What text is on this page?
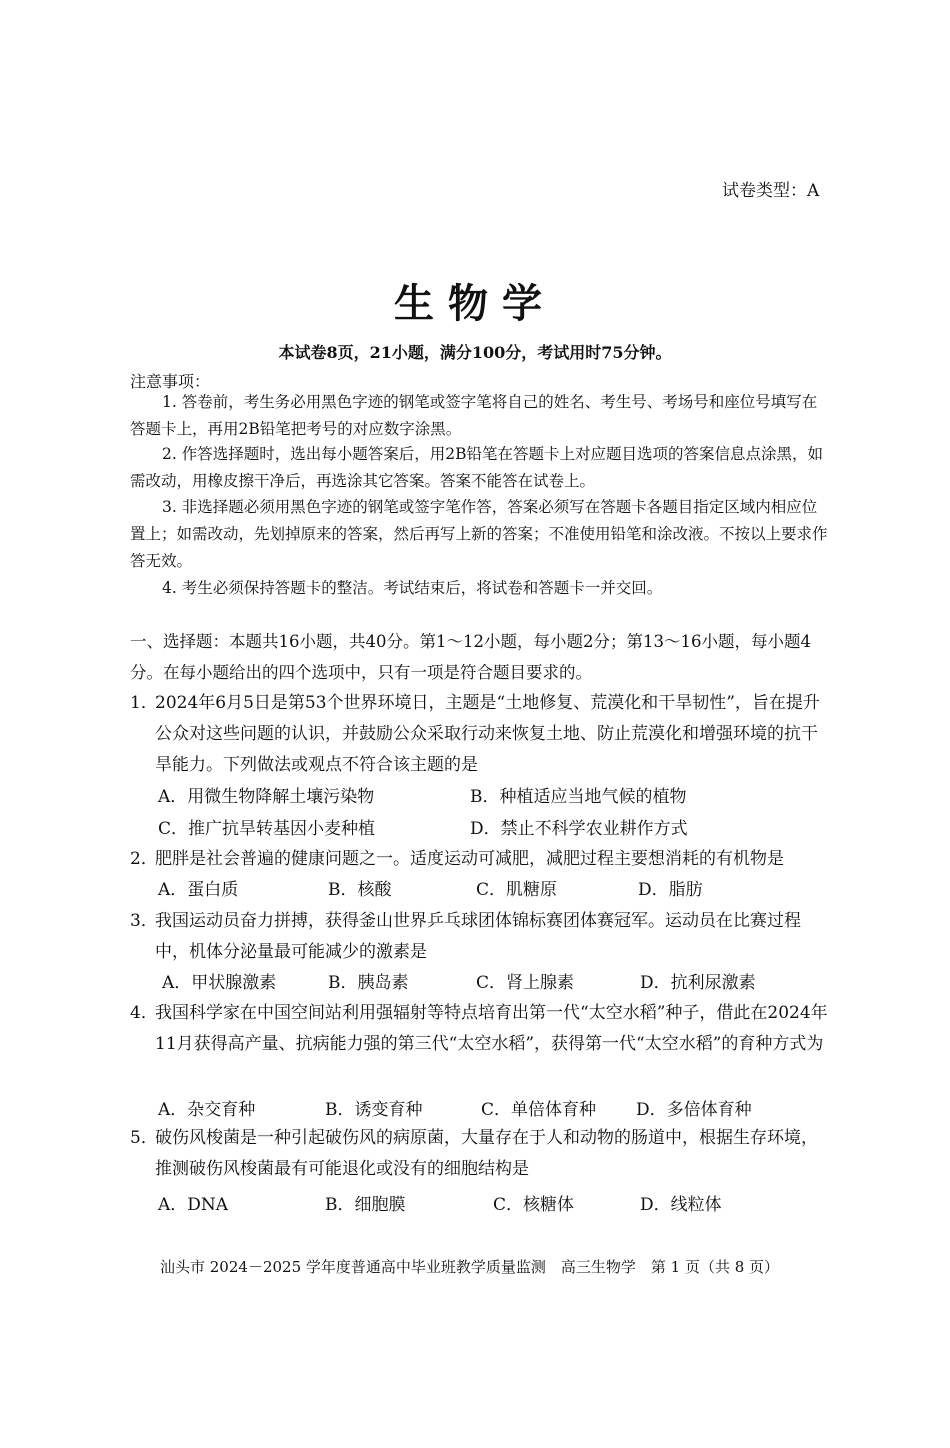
试卷类型：A
生物学
本试卷8页，21小题，满分100分，考试用时75分钟。
注意事项：
1. 答卷前，考生务必用黑色字迹的钢笔或签字笔将自己的姓名、考生号、考场号和座位号填写在答题卡上，再用2B铅笔把考号的对应数字涂黑。
2. 作答选择题时，选出每小题答案后，用2B铅笔在答题卡上对应题目选项的答案信息点涂黑，如需改动，用橡皮擦干净后，再选涂其它答案。答案不能答在试卷上。
3. 非选择题必须用黑色字迹的钢笔或签字笔作答，答案必须写在答题卡各题目指定区域内相应位置上；如需改动，先划掉原来的答案，然后再写上新的答案；不准使用铅笔和涂改液。不按以上要求作答无效。
4. 考生必须保持答题卡的整洁。考试结束后，将试卷和答题卡一并交回。
一、选择题：本题共16小题，共40分。第1～12小题，每小题2分；第13～16小题，每小题4分。在每小题给出的四个选项中，只有一项是符合题目要求的。
1．
2024年6月5日是第53个世界环境日，主题是“土地修复、荒漠化和干旱韧性”，旨在提升公众对这些问题的认识，并鼓励公众采取行动来恢复土地、防止荒漠化和增强环境的抗干旱能力。下列做法或观点不符合该主题的是
A．用微生物降解土壤污染物	B．种植适应当地气候的植物
C．推广抗旱转基因小麦种植	D．禁止不科学农业耕作方式
2．
肥胖是社会普遍的健康问题之一。适度运动可减肥，减肥过程主要想消耗的有机物是
A．蛋白质	B．核酸	C．肌糖原	D．脂肪
3．
我国运动员奋力拼搏，获得釜山世界乒乓球团体锦标赛团体赛冠军。运动员在比赛过程中，机体分泌量最可能减少的激素是
A．甲状腺激素	B．胰岛素	C．肾上腺素	D．抗利尿激素
4．
我国科学家在中国空间站利用强辐射等特点培育出第一代“太空水稻”种子，借此在2024年11月获得高产量、抗病能力强的第三代“太空水稻”，获得第一代“太空水稻”的育种方式为
A．杂交育种	B．诱变育种	C．单倍体育种 D．多倍体育种
5．
破伤风梭菌是一种引起破伤风的病原菌，大量存在于人和动物的肠道中，根据生存环境，推测破伤风梭菌最有可能退化或没有的细胞结构是
A．DNA	B．细胞膜	C．核糖体	D．线粒体
汕头市 2024－2025 学年度普通高中毕业班教学质量监测　高三生物学　第 1 页（共 8 页）
